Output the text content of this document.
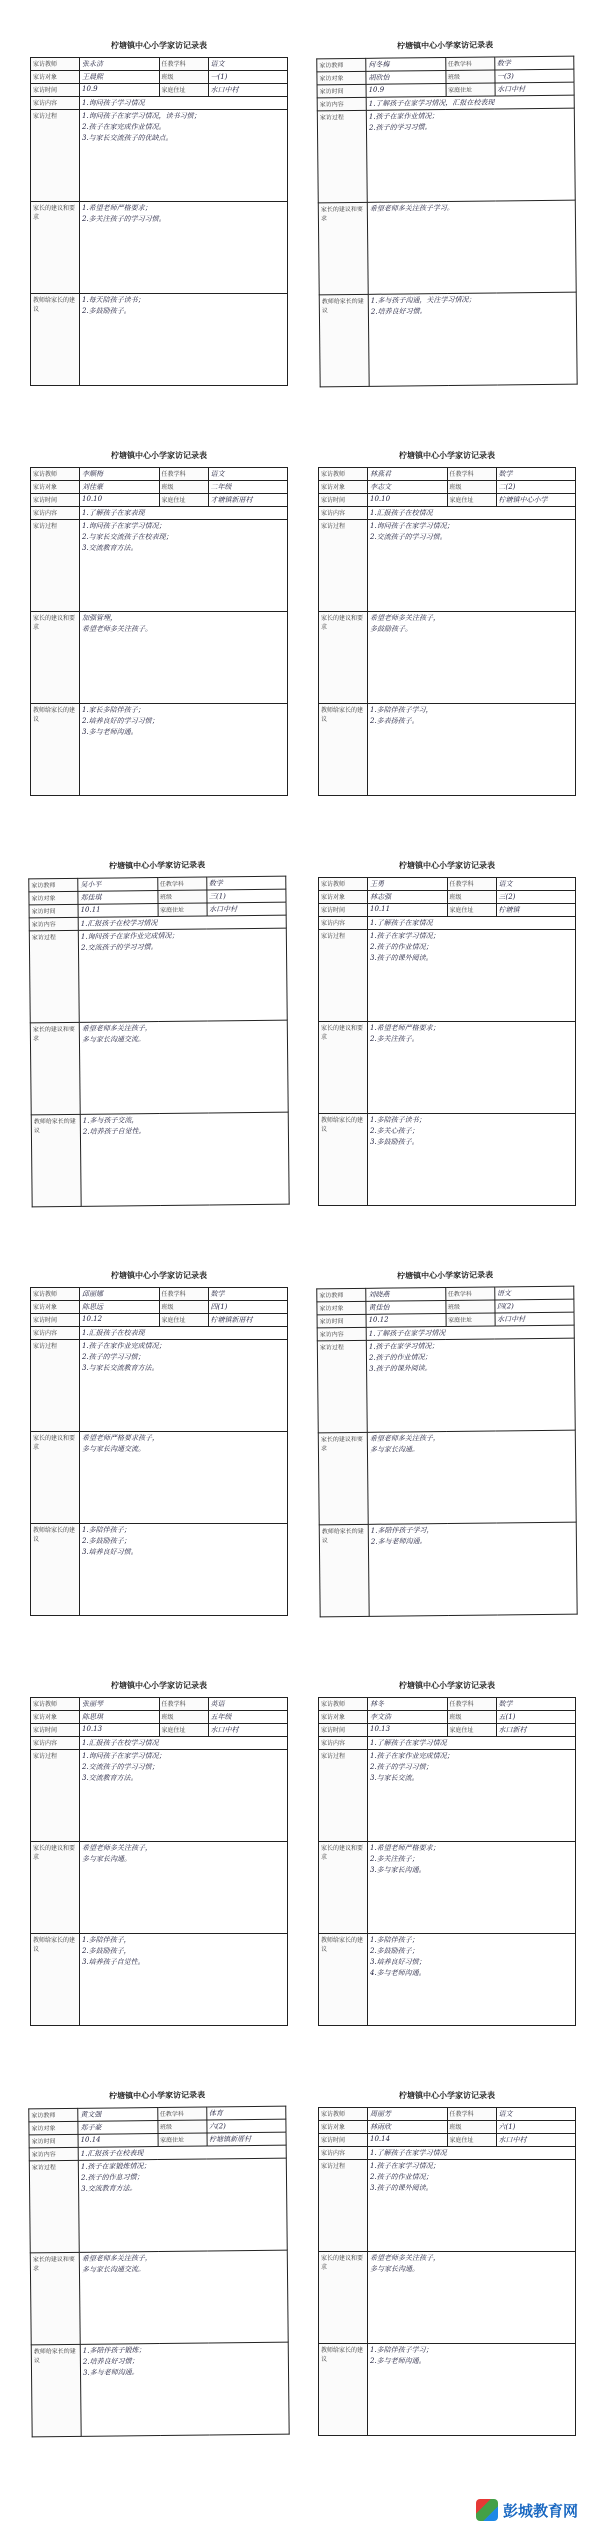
柠塘镇中心小学家访记录表
家访教师	张永洁	任教学科	语文
家访对象	王晨熙	班级	一(1)
家访时间	10.9	家庭住址	水口中村
家访内容	1.询问孩子学习情况		
家访过程	1.询问孩子在家学习情况，读书习惯；
2.孩子在家完成作业情况。
3.与家长交流孩子的优缺点。		

家长的建议和要求	1.希望老师严格要求；
2.多关注孩子的学习习惯。		

教师给家长的建议	1.每天陪孩子读书；
2.多鼓励孩子。		
柠塘镇中心小学家访记录表
家访教师	何冬梅	任教学科	数学
家访对象	胡欣怡	班级	一(3)
家访时间	10.9	家庭住址	水口中村
家访内容	1.了解孩子在家学习情况，汇报在校表现		
家访过程	1.孩子在家作业情况；
2.孩子的学习习惯。		

家长的建议和要求	希望老师多关注孩子学习。		

教师给家长的建议	1.多与孩子沟通，关注学习情况；
2.培养良好习惯。		
柠塘镇中心小学家访记录表
家访教师	李顺梅	任教学科	语文
家访对象	刘佳豪	班级	二年级
家访时间	10.10	家庭住址	才塘镇新厝村
家访内容	1.了解孩子在家表现		
家访过程	1.询问孩子在家学习情况；
2.与家长交流孩子在校表现；
3.交流教育方法。		

家长的建议和要求	加强管理，
希望老师多关注孩子。		

教师给家长的建议	1.家长多陪伴孩子；
2.培养良好的学习习惯；
3.多与老师沟通。		
柠塘镇中心小学家访记录表
家访教师	林燕君	任教学科	数学
家访对象	李志文	班级	二(2)
家访时间	10.10	家庭住址	柠塘镇中心小学
家访内容	1.汇报孩子在校情况		
家访过程	1.询问孩子在家学习情况；
2.交流孩子的学习习惯。		

家长的建议和要求	希望老师多关注孩子，
多鼓励孩子。		

教师给家长的建议	1.多陪伴孩子学习，
2.多表扬孩子。		
柠塘镇中心小学家访记录表
家访教师	吴小平	任教学科	数学
家访对象	郑佳琪	班级	三(1)
家访时间	10.11	家庭住址	水口中村
家访内容	1.汇报孩子在校学习情况		
家访过程	1.询问孩子在家作业完成情况；
2.交流孩子的学习习惯。		

家长的建议和要求	希望老师多关注孩子，
多与家长沟通交流。		

教师给家长的建议	1.多与孩子交流，
2.培养孩子自觉性。		
柠塘镇中心小学家访记录表
家访教师	王勇	任教学科	语文
家访对象	林志强	班级	三(2)
家访时间	10.11	家庭住址	柠塘镇
家访内容	1.了解孩子在家情况		
家访过程	1.孩子在家学习情况；
2.孩子的作业情况；
3.孩子的课外阅读。		

家长的建议和要求	1.希望老师严格要求；
2.多关注孩子。		

教师给家长的建议	1.多陪孩子读书；
2.多关心孩子；
3.多鼓励孩子。		
柠塘镇中心小学家访记录表
家访教师	邱丽娜	任教学科	数学
家访对象	陈思远	班级	四(1)
家访时间	10.12	家庭住址	柠塘镇新厝村
家访内容	1.汇报孩子在校表现		
家访过程	1.孩子在家作业完成情况；
2.孩子的学习习惯；
3.与家长交流教育方法。		

家长的建议和要求	希望老师严格要求孩子，
多与家长沟通交流。		

教师给家长的建议	1.多陪伴孩子；
2.多鼓励孩子；
3.培养良好习惯。		
柠塘镇中心小学家访记录表
家访教师	刘晓燕	任教学科	语文
家访对象	黄佳怡	班级	四(2)
家访时间	10.12	家庭住址	水口中村
家访内容	1.了解孩子在家学习情况		
家访过程	1.孩子在家学习情况；
2.孩子的作业情况；
3.孩子的课外阅读。		

家长的建议和要求	希望老师多关注孩子，
多与家长沟通。		

教师给家长的建议	1.多陪伴孩子学习，
2.多与老师沟通。		
柠塘镇中心小学家访记录表
家访教师	张丽琴	任教学科	英语
家访对象	陈思琪	班级	五年级
家访时间	10.13	家庭住址	水口中村
家访内容	1.汇报孩子在校学习情况		
家访过程	1.询问孩子在家学习情况；
2.交流孩子的学习习惯；
3.交流教育方法。		

家长的建议和要求	希望老师多关注孩子，
多与家长沟通。		

教师给家长的建议	1.多陪伴孩子，
2.多鼓励孩子，
3.培养孩子自觉性。		
柠塘镇中心小学家访记录表
家访教师	林冬	任教学科	数学
家访对象	李文浩	班级	五(1)
家访时间	10.13	家庭住址	水口新村
家访内容	1.了解孩子在家学习情况		
家访过程	1.孩子在家作业完成情况；
2.孩子的学习习惯；
3.与家长交流。		

家长的建议和要求	1.希望老师严格要求；
2.多关注孩子；
3.多与家长沟通。		

教师给家长的建议	1.多陪伴孩子；
2.多鼓励孩子；
3.培养良好习惯；
4.多与老师沟通。		
柠塘镇中心小学家访记录表
家访教师	黄文强	任教学科	体育
家访对象	郑子豪	班级	六(2)
家访时间	10.14	家庭住址	柠塘镇新厝村
家访内容	1.汇报孩子在校表现		
家访过程	1.孩子在家锻炼情况；
2.孩子的作息习惯；
3.交流教育方法。		

家长的建议和要求	希望老师多关注孩子，
多与家长沟通交流。		

教师给家长的建议	1.多陪伴孩子锻炼；
2.培养良好习惯；
3.多与老师沟通。		
柠塘镇中心小学家访记录表
家访教师	周丽芳	任教学科	语文
家访对象	林雨欣	班级	六(1)
家访时间	10.14	家庭住址	水口中村
家访内容	1.了解孩子在家学习情况		
家访过程	1.孩子在家学习情况；
2.孩子的作业情况；
3.孩子的课外阅读。		

家长的建议和要求	希望老师多关注孩子，
多与家长沟通。		

教师给家长的建议	1.多陪伴孩子学习；
2.多与老师沟通。		
彭城教育网
